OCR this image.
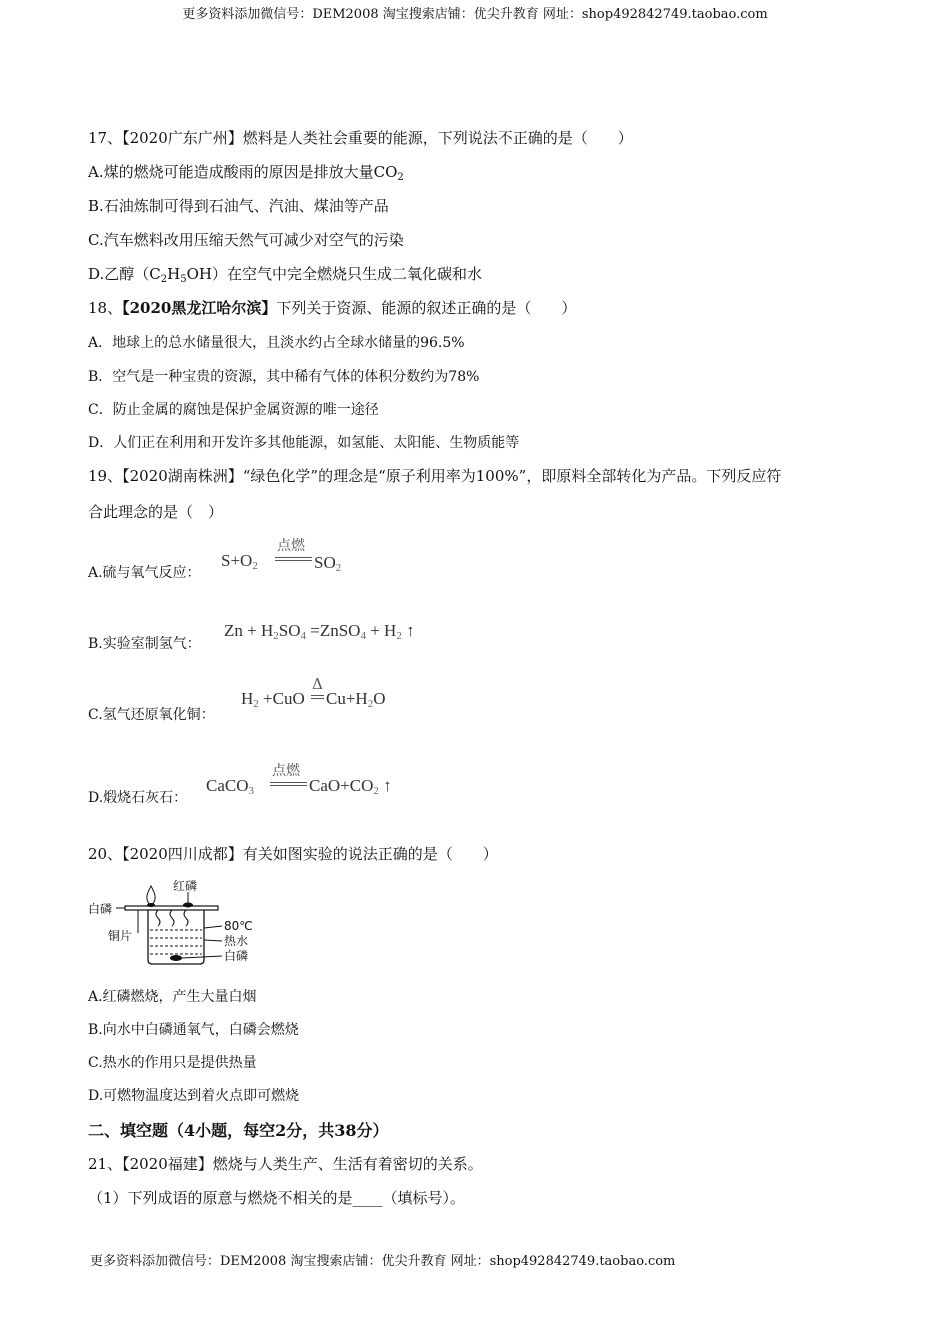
更多资料添加微信号：DEM2008 淘宝搜索店铺：优尖升教育 网址：shop492842749.taobao.com
17、【2020广东广州】燃料是人类社会重要的能源，下列说法不正确的是（　　）
A.煤的燃烧可能造成酸雨的原因是排放大量$CO_2$
B.石油炼制可得到石油气、汽油、煤油等产品
C.汽车燃料改用压缩天然气可减少对空气的污染
D.乙醇$(C_2H_5OH)$在空气中完全燃烧只生成二氧化碳和水
18、【2020黑龙江哈尔滨】下列关于资源、能源的叙述正确的是（　　）
A．地球上的总水储量很大，且淡水约占全球水储量的96.5%
B．空气是一种宝贵的资源，其中稀有气体的体积分数约为78%
C．防止金属的腐蚀是保护金属资源的唯一途径
D．人们正在利用和开发许多其他能源，如氢能、太阳能、生物质能等
19、【2020湖南株洲】“绿色化学”的理念是“原子利用率为100%”，即原料全部转化为产品。下列反应符
合此理念的是（　）
A.硫与氧气反应：
$S+O_2$
点燃
$SO_2$
B.实验室制氢气：
$Zn + H_2SO_4$ =ZnSO$_4$ + $H_2$ ↑
C.氢气还原氧化铜：
$H_2 +CuO$
Δ
$Cu+H_2O$
D.煅烧石灰石：
CaCO$_3$
点燃
$CaO+CO_2$ ↑
20、【2020四川成都】有关如图实验的说法正确的是（　　）
红磷
白磷
铜片
80℃
热水
白磷
A.红磷燃烧，产生大量白烟
B.向水中白磷通氧气，白磷会燃烧
C.热水的作用只是提供热量
D.可燃物温度达到着火点即可燃烧
二、填空题（4小题，每空2分，共38分）
21、【2020福建】燃烧与人类生产、生活有着密切的关系。
（1）下列成语的原意与燃烧不相关的是____（填标号）。
更多资料添加微信号：DEM2008 淘宝搜索店铺：优尖升教育 网址：shop492842749.taobao.com
